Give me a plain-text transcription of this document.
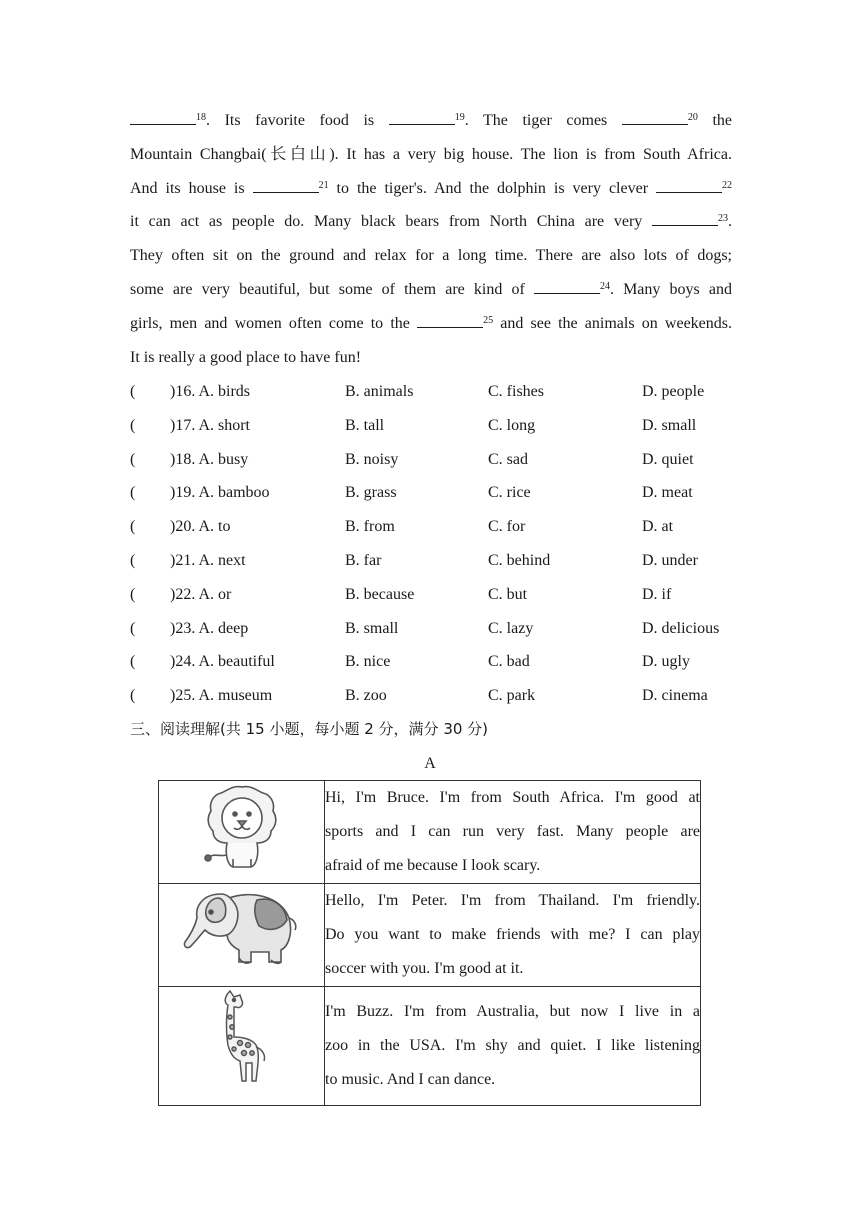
$^{18}$. Its favorite food is	$^{19}$. The tiger comes	$^{20}$ the
Mountain Changbai(长白山). It has a very big house. The lion is from South Africa.
And its house is	$^{21}$ to the tiger's. And the dolphin is very clever	$^{22}$
it can act as people do. Many black bears from North China are very	$^{23}$.
They often sit on the ground and relax for a long time. There are also lots of dogs;
some are very beautiful, but some of them are kind of	$^{24}$. Many boys and
girls, men and women often come to the	$^{25}$ and see the animals on weekends.
It is really a good place to have fun!
( )16. A. birds	B. animals	C. fishes	D. people
( )17. A. short	B. tall	C. long	D. small
( )18. A. busy	B. noisy	C. sad	D. quiet
( )19. A. bamboo	B. grass	C. rice	D. meat
( )20. A. to	B. from	C. for	D. at
( )21. A. next	B. far	C. behind	D. under
( )22. A. or	B. because	C. but	D. if
( )23. A. deep	B. small	C. lazy	D. delicious
( )24. A. beautiful	B. nice	C. bad	D. ugly
( )25. A. museum	B. zoo	C. park	D. cinema
三、阅读理解(共 15 小题，每小题 2 分，满分 30 分)
A

Hi, I'm Bruce. I'm from South Africa. I'm good at
sports and I can run very fast. Many people are
afraid of me because I look scary.

Hello, I'm Peter. I'm from Thailand. I'm friendly.
Do you want to make friends with me? I can play
soccer with you. I'm good at it.

I'm Buzz. I'm from Australia, but now I live in a
zoo in the USA. I'm shy and quiet. I like listening
to music. And I can dance.
